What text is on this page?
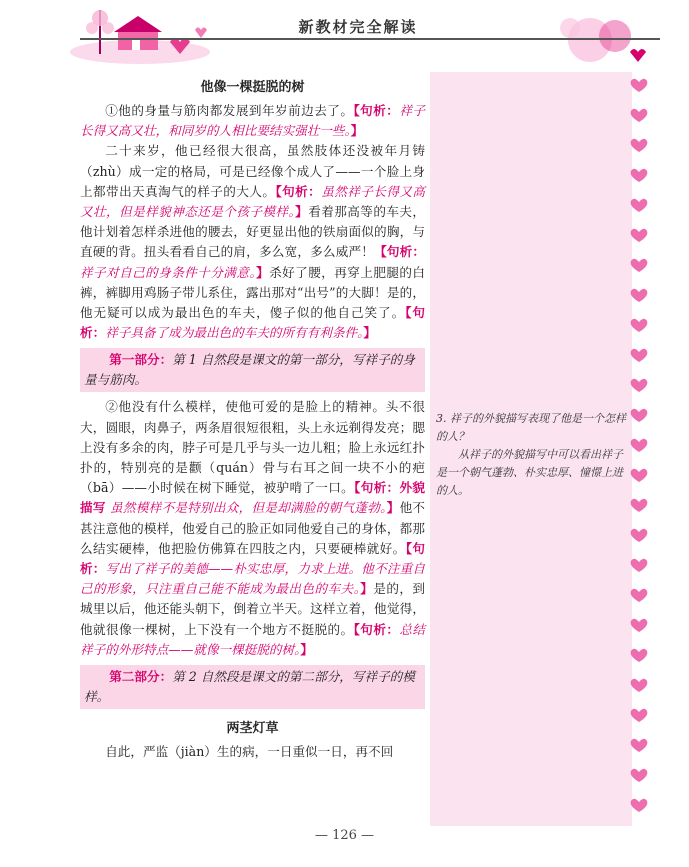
新教材完全解读
他像一棵挺脱的树

①他的身量与筋肉都发展到年岁前边去了。【句析：祥子长得又高又壮，和同岁的人相比要结实强壮一些。】

二十来岁，他已经很大很高，虽然肢体还没被年月铸（zhù）成一定的格局，可是已经像个成人了——一个脸上身上都带出天真淘气的样子的大人。【句析：虽然祥子长得又高又壮，但是样貌神态还是个孩子模样。】看着那高等的车夫，他计划着怎样杀进他的腰去，好更显出他的铁扇面似的胸，与直硬的背。扭头看看自己的肩，多么宽，多么威严！【句析：祥子对自己的身条件十分满意。】杀好了腰，再穿上肥腿的白裤，裤脚用鸡肠子带儿系住，露出那对“出号”的大脚！是的，他无疑可以成为最出色的车夫，傻子似的他自己笑了。【句析：祥子具备了成为最出色的车夫的所有有利条件。】

第一部分：第 1 自然段是课文的第一部分，写祥子的身量与筋肉。

②他没有什么模样，使他可爱的是脸上的精神。头不很大，圆眼，肉鼻子，两条眉很短很粗，头上永远剃得发亮；腮上没有多余的肉，脖子可是几乎与头一边儿粗；脸上永远红扑扑的，特别亮的是颧（quán）骨与右耳之间一块不小的疤（bā）——小时候在树下睡觉，被驴啃了一口。【句析：外貌描写 虽然模样不是特别出众，但是却满脸的朝气蓬勃。】他不甚注意他的模样，他爱自己的脸正如同他爱自己的身体，都那么结实硬棒，他把脸仿佛算在四肢之内，只要硬棒就好。【句析：写出了祥子的美德——朴实忠厚，力求上进。他不注重自己的形象，只注重自己能不能成为最出色的车夫。】是的，到城里以后，他还能头朝下，倒着立半天。这样立着，他觉得，他就很像一棵树，上下没有一个地方不挺脱的。【句析：总结祥子的外形特点——就像一棵挺脱的树。】

第二部分：第 2 自然段是课文的第二部分，写祥子的模样。
两茎灯草

自此，严监（jiàn）生的病，一日重似一日，再不回

3. 祥子的外貌描写表现了他是一个怎样的人？
从祥子的外貌描写中可以看出祥子是一个朝气蓬勃、朴实忠厚、憧憬上进的人。
— 126 —
